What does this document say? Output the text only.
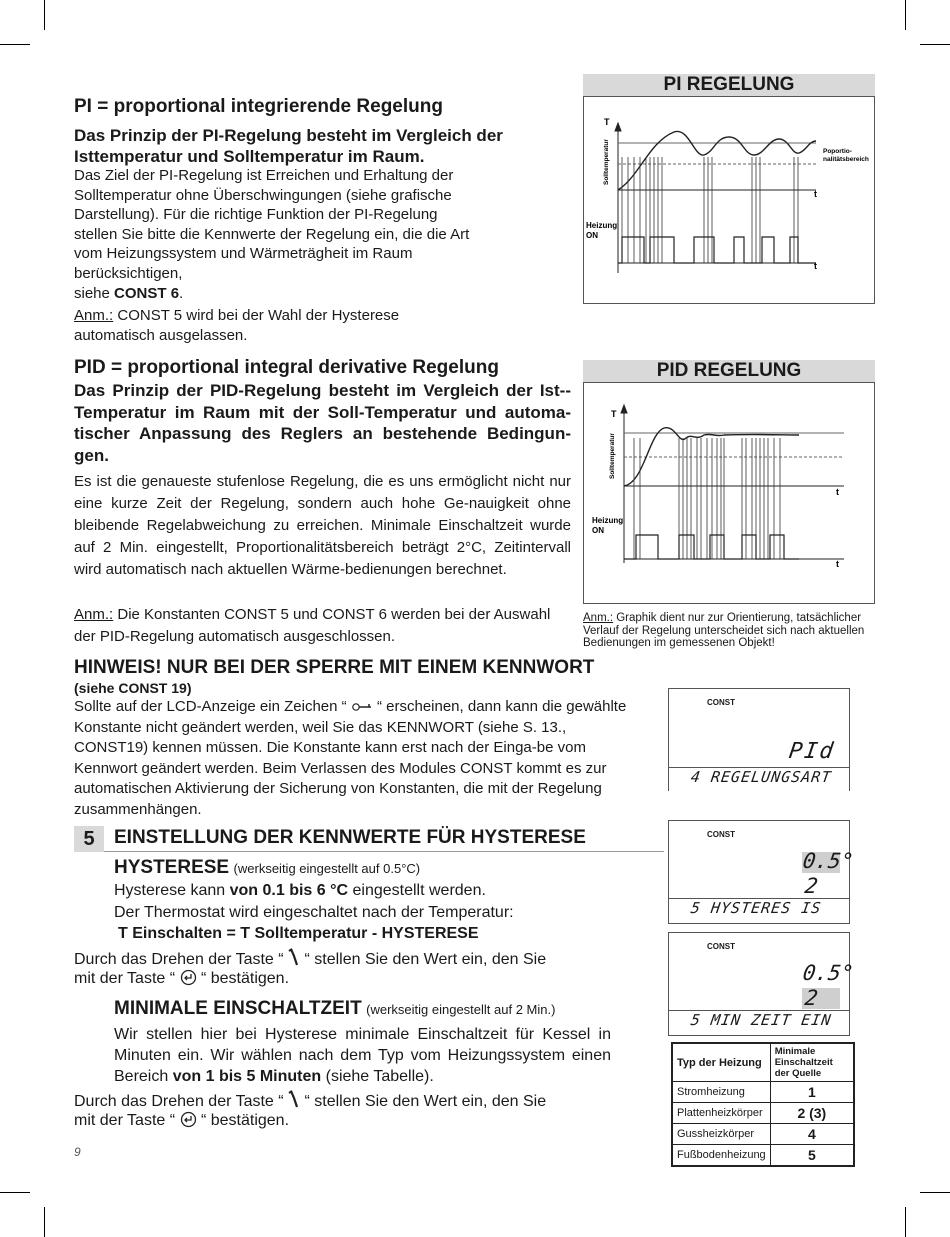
PI = proportional integrierende Regelung
Das Prinzip der PI-Regelung besteht im Vergleich der Isttemperatur und Solltemperatur im Raum.
Das Ziel der PI-Regelung ist Erreichen und Erhaltung der Solltemperatur ohne Überschwingungen (siehe grafische Darstellung). Für die richtige Funktion der PI-Regelung stellen Sie bitte die Kennwerte der Regelung ein, die die Art vom Heizungssystem und Wärmeträgheit im Raum berücksichtigen,
siehe CONST 6.
Anm.: CONST 5 wird bei der Wahl der Hysterese automatisch ausgelassen.
PI REGELUNG
T
t
t
Solltemperatur	Poportio-
nalitätsbereich
Heizung
ON
PID = proportional integral derivative Regelung
Das Prinzip der PID-Regelung besteht im Vergleich der Ist--Temperatur im Raum mit der Soll-Temperatur und automa-tischer Anpassung des Reglers an bestehende Bedingun-gen.
Es ist die genaueste stufenlose Regelung, die es uns ermöglicht nicht nur eine kurze Zeit der Regelung, sondern auch hohe Ge-nauigkeit ohne bleibende Regelabweichung zu erreichen. Minimale Einschaltzeit wurde auf 2 Min. eingestellt, Proportionalitätsbereich beträgt 2°C, Zeitintervall wird automatisch nach aktuellen Wärme-bedienungen berechnet.
Anm.: Die Konstanten CONST 5 und CONST 6 werden bei der Auswahl der PID-Regelung automatisch ausgeschlossen.
PID REGELUNG
T
t
t
Solltemperatur
Heizung
ON
Anm.: Graphik dient nur zur Orientierung, tatsächlicher Verlauf der Regelung unterscheidet sich nach aktuellen Bedienungen im gemessenen Objekt!
HINWEIS! NUR BEI DER SPERRE MIT EINEM KENNWORT
(siehe CONST 19)
Sollte auf der LCD-Anzeige ein Zeichen “  “ erscheinen, dann kann die gewählte Konstante nicht geändert werden, weil Sie das KENNWORT (siehe S. 13., CONST19) kennen müssen. Die Konstante kann erst nach der Einga-be vom Kennwort geändert werden. Beim Verlassen des Modules CONST kommt es zur automatischen Aktivierung der Sicherung von Konstanten, die mit der Regelung zusammenhängen.
CONST
PId
4 REGELUNGSART
5	EINSTELLUNG DER KENNWERTE FÜR HYSTERESE
HYSTERESE (werkseitig eingestellt auf 0.5°C)
Hysterese kann von 0.1 bis 6 °C eingestellt werden.
Der Thermostat wird eingeschaltet nach der Temperatur:
T Einschalten = T Solltemperatur - HYSTERESE
Durch das Drehen der Taste “  “ stellen Sie den Wert ein, den Sie
mit der Taste “  “ bestätigen.
MINIMALE EINSCHALTZEIT (werkseitig eingestellt auf 2 Min.)
Wir stellen hier bei Hysterese minimale Einschaltzeit für Kessel in Minuten ein. Wir wählen nach dem Typ vom Heizungssystem einen Bereich von 1 bis 5 Minuten (siehe Tabelle).
Durch das Drehen der Taste “  “ stellen Sie den Wert ein, den Sie
mit der Taste “  “ bestätigen.
CONST
0.5°
2
5 HYSTERES IS
CONST
0.5°
2
5 MIN ZEIT EIN
Typ der Heizung	Minimale Einschaltzeit der Quelle
Stromheizung	1
Plattenheizkörper	2 (3)
Gussheizkörper	4
Fußbodenheizung	5
9
